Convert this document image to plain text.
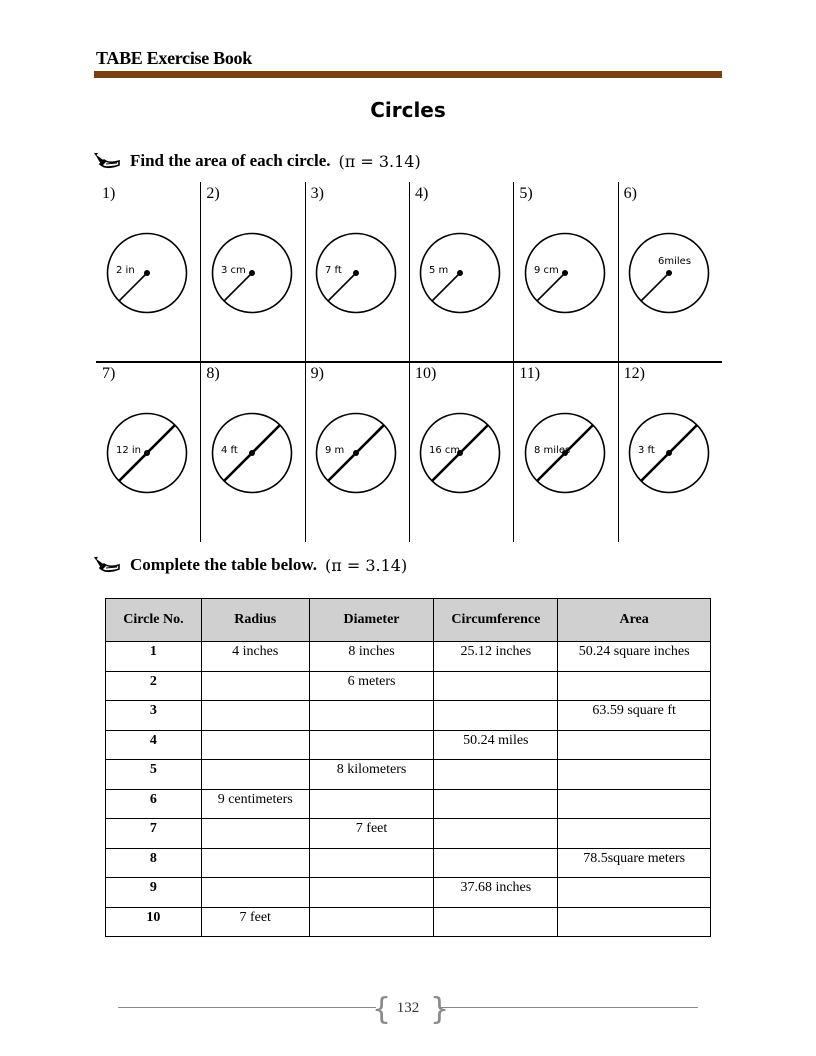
TABE Exercise Book
Circles
Find the area of each circle. (π = 3.14)
1)
2 in
2)
3 cm
3)
7 ft
4)
5 m
5)
9 cm
6)
6miles
7)
12 in
8)
4 ft
9)
9 m
10)
16 cm
11)
8 miles
12)
3 ft
Complete the table below. (π = 3.14)
Circle No.	Radius	Diameter	Circumference	Area
1	4 inches	8 inches	25.12 inches	50.24 square inches
2		6 meters		
3				63.59 square ft
4			50.24 miles	
5		8 kilometers		
6	9 centimeters			
7		7 feet		
8				78.5square meters
9			37.68 inches	
10	7 feet			
{ }
132
